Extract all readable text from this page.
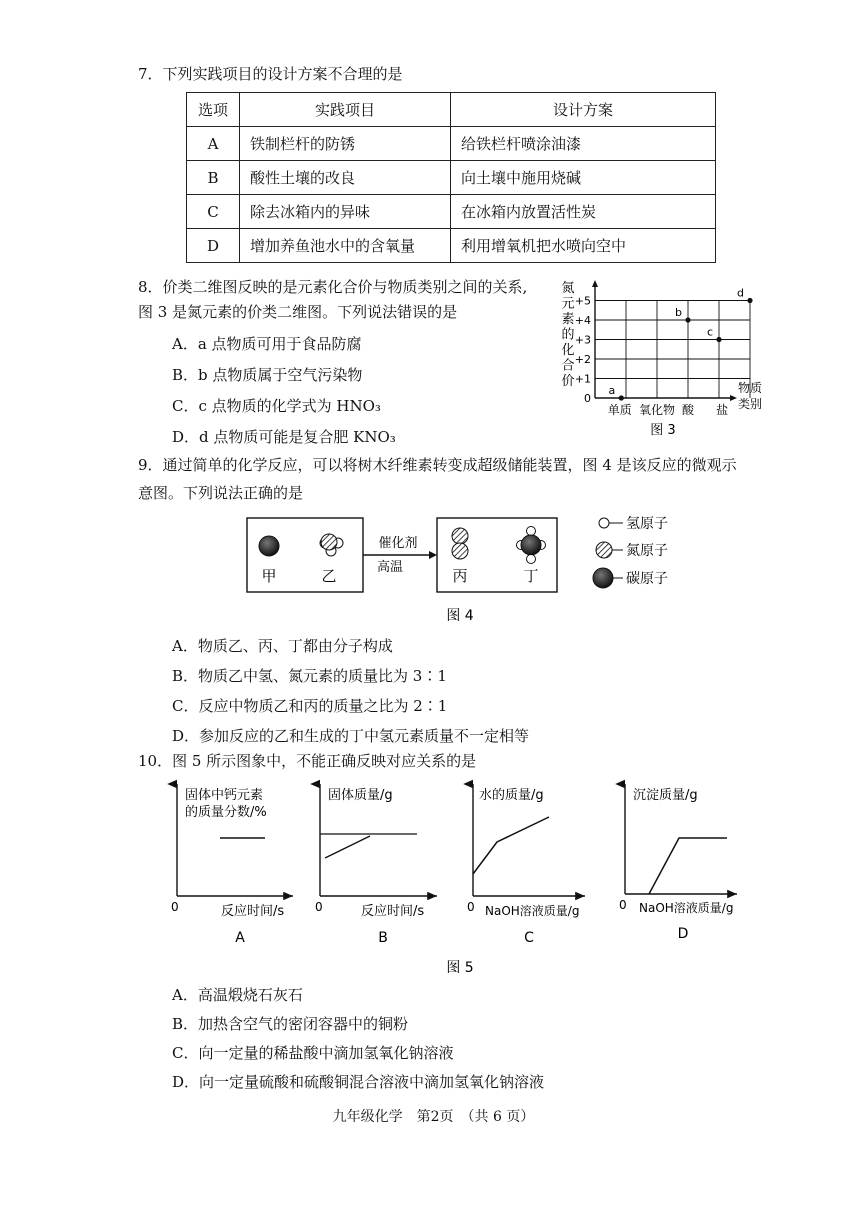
7．下列实践项目的设计方案不合理的是
选项	实践项目	设计方案
A	铁制栏杆的防锈	给铁栏杆喷涂油漆
B	酸性土壤的改良	向土壤中施用烧碱
C	除去冰箱内的异味	在冰箱内放置活性炭
D	增加养鱼池水中的含氧量	利用增氧机把水喷向空中
8．价类二维图反映的是元素化合价与物质类别之间的关系,
图 3 是氮元素的价类二维图。下列说法错误的是
A．a 点物质可用于食品防腐
B．b 点物质属于空气污染物
C．c 点物质的化学式为 HNO₃
D．d 点物质可能是复合肥 KNO₃
氮
元
素
的
化
合
价
+5
+4
+3
+2
+1
0
单质 氧化物 酸 盐
a
b
c
d
物质
类别
图 3
9．通过简单的化学反应，可以将树木纤维素转变成超级储能装置，图 4 是该反应的微观示
意图。下列说法正确的是
甲	乙
催化剂
高温	丙	丁
氢原子
氮原子
碳原子
图 4
A．物质乙、丙、丁都由分子构成
B．物质乙中氢、氮元素的质量比为 3∶1
C．反应中物质乙和丙的质量之比为 2∶1
D．参加反应的乙和生成的丁中氢元素质量不一定相等
10．图 5 所示图象中，不能正确反映对应关系的是
固体中钙元素
的质量分数/%
0	反应时间/s
A
固体质量/g
0	反应时间/s
B
水的质量/g
0 NaOH溶液质量/g
C
沉淀质量/g
0 NaOH溶液质量/g
D
图 5
A．高温煅烧石灰石
B．加热含空气的密闭容器中的铜粉
C．向一定量的稀盐酸中滴加氢氧化钠溶液
D．向一定量硫酸和硫酸铜混合溶液中滴加氢氧化钠溶液
九年级化学　第2页　（共 6 页）
